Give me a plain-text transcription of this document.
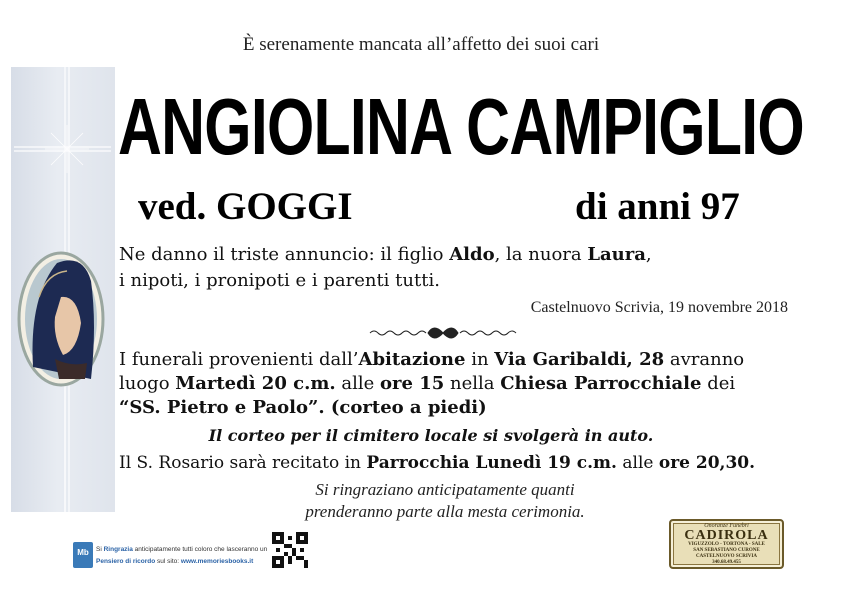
È serenamente mancata all’affetto dei suoi cari
ANGIOLINA CAMPIGLIO
ved. GOGGI	di anni 97
Ne danno il triste annuncio: il figlio Aldo, la nuora Laura,
i nipoti, i pronipoti e i parenti tutti.
Castelnuovo Scrivia, 19 novembre 2018
I funerali provenienti dall’Abitazione in Via Garibaldi, 28 avranno
luogo Martedì 20 c.m. alle ore 15 nella Chiesa Parrocchiale dei
“SS. Pietro e Paolo”. (corteo a piedi)
Il corteo per il cimitero locale si svolgerà in auto.
Il S. Rosario sarà recitato in Parrocchia Lunedì 19 c.m. alle ore 20,30.
Si ringraziano anticipatamente quanti
prenderanno parte alla mesta cerimonia.
Mb	Si Ringrazia anticipatamente tutti coloro che lasceranno un
Pensiero di ricordo sul sito: www.memoriesbooks.it
Onoranze Funebri
CADIROLA
VIGUZZOLO - TORTONA - SALE
SAN SEBASTIANO CURONE
CASTELNUOVO SCRIVIA
340.68.49.455
